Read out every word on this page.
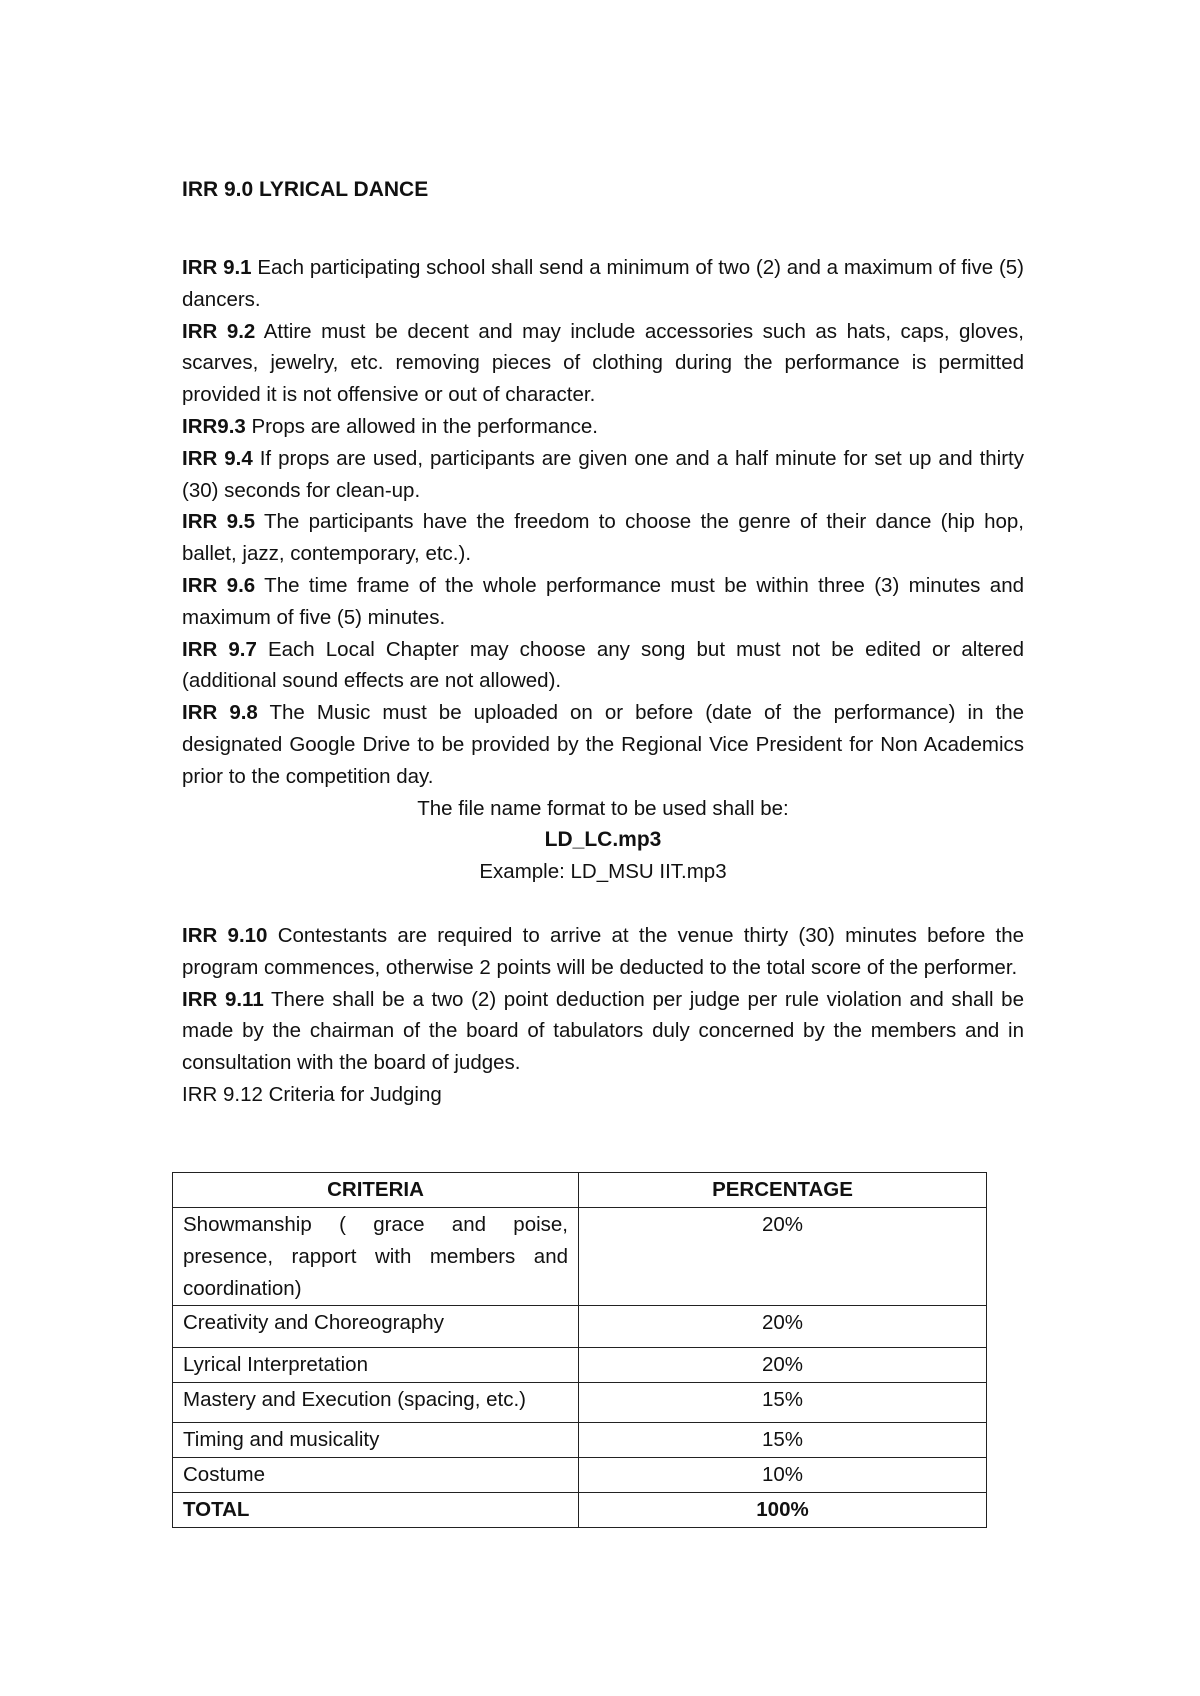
IRR 9.0 LYRICAL DANCE

IRR 9.1 Each participating school shall send a minimum of two (2) and a maximum of five (5) dancers.

IRR 9.2 Attire must be decent and may include accessories such as hats, caps, gloves, scarves, jewelry, etc. removing pieces of clothing during the performance is permitted provided it is not offensive or out of character.

IRR9.3 Props are allowed in the performance.

IRR 9.4 If props are used, participants are given one and a half minute for set up and thirty (30) seconds for clean-up.

IRR 9.5 The participants have the freedom to choose the genre of their dance (hip hop, ballet, jazz, contemporary, etc.).

IRR 9.6 The time frame of the whole performance must be within three (3) minutes and maximum of five (5) minutes.

IRR 9.7 Each Local Chapter may choose any song but must not be edited or altered (additional sound effects are not allowed).

IRR 9.8 The Music must be uploaded on or before (date of the performance) in the designated Google Drive to be provided by the Regional Vice President for Non Academics prior to the competition day.

The file name format to be used shall be:

LD_LC.mp3

Example: LD_MSU IIT.mp3

IRR 9.10 Contestants are required to arrive at the venue thirty (30) minutes before the program commences, otherwise 2 points will be deducted to the total score of the performer.

IRR 9.11 There shall be a two (2) point deduction per judge per rule violation and shall be made by the chairman of the board of tabulators duly concerned by the members and in consultation with the board of judges.

IRR 9.12 Criteria for Judging

CRITERIA	PERCENTAGE
Showmanship ( grace and poise, presence, rapport with members and coordination)	20%
Creativity and Choreography	20%
Lyrical Interpretation	20%
Mastery and Execution (spacing, etc.)	15%
Timing and musicality	15%
Costume	10%
TOTAL	100%
